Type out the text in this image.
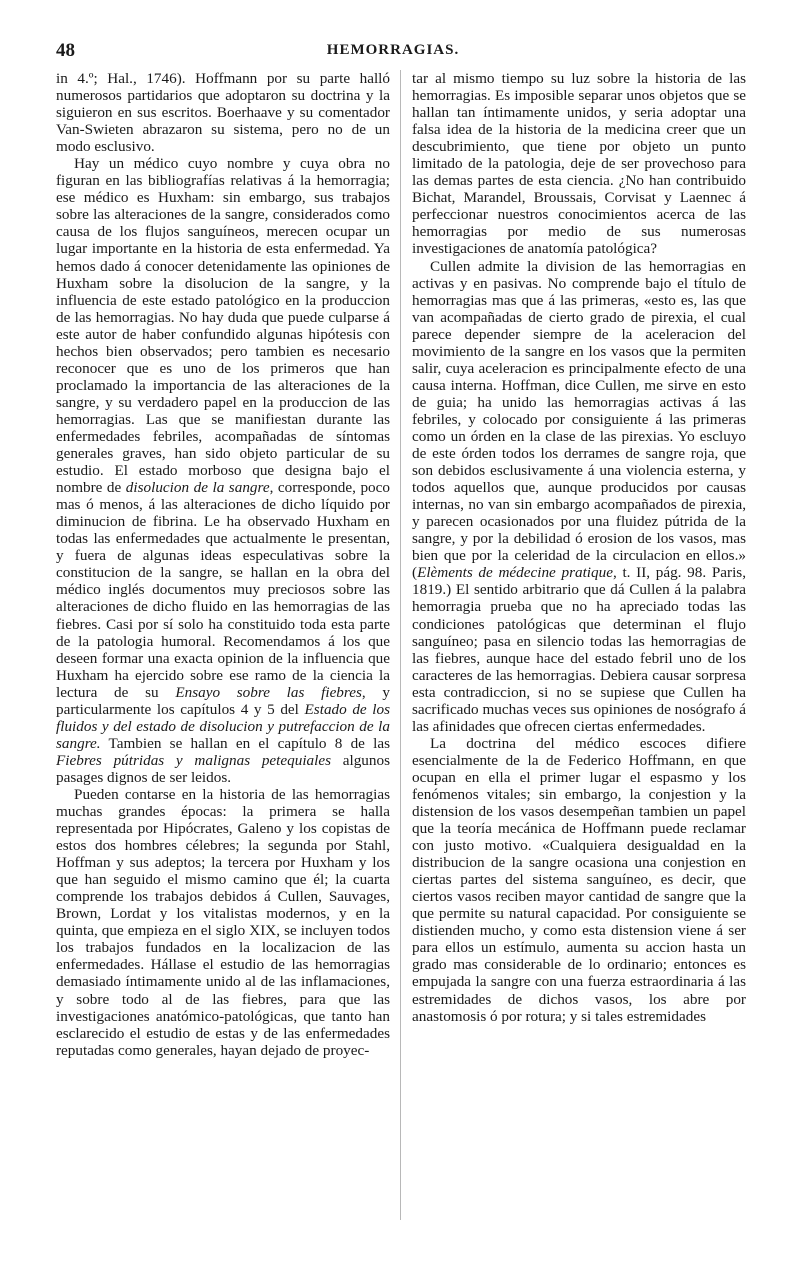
48	HEMORRAGIAS.

in 4.º; Hal., 1746). Hoffmann por su parte halló numerosos partidarios que adoptaron su doctrina y la siguieron en sus escritos. Boerhaave y su comentador Van-Swieten abrazaron su sistema, pero no de un modo esclusivo.

Hay un médico cuyo nombre y cuya obra no figuran en las bibliografías relativas á la hemorragia; ese médico es Huxham: sin embargo, sus trabajos sobre las alteraciones de la sangre, considerados como causa de los flujos sanguíneos, merecen ocupar un lugar importante en la historia de esta enfermedad. Ya hemos dado á conocer detenidamente las opiniones de Huxham sobre la disolucion de la sangre, y la influencia de este estado patológico en la produccion de las hemorragias. No hay duda que puede culparse á este autor de haber confundido algunas hipótesis con hechos bien observados; pero tambien es necesario reconocer que es uno de los primeros que han proclamado la importancia de las alteraciones de la sangre, y su verdadero papel en la produccion de las hemorragias. Las que se manifiestan durante las enfermedades febriles, acompañadas de síntomas generales graves, han sido objeto particular de su estudio. El estado morboso que designa bajo el nombre de disolucion de la sangre, corresponde, poco mas ó menos, á las alteraciones de dicho líquido por diminucion de fibrina. Le ha observado Huxham en todas las enfermedades que actualmente le presentan, y fuera de algunas ideas especulativas sobre la constitucion de la sangre, se hallan en la obra del médico inglés documentos muy preciosos sobre las alteraciones de dicho fluido en las hemorragias de las fiebres. Casi por sí solo ha constituido toda esta parte de la patologia humoral. Recomendamos á los que deseen formar una exacta opinion de la influencia que Huxham ha ejercido sobre ese ramo de la ciencia la lectura de su Ensayo sobre las fiebres, y particularmente los capítulos 4 y 5 del Estado de los fluidos y del estado de disolucion y putrefaccion de la sangre. Tambien se hallan en el capítulo 8 de las Fiebres pútridas y malignas petequiales algunos pasages dignos de ser leidos.

Pueden contarse en la historia de las hemorragias muchas grandes épocas: la primera se halla representada por Hipócrates, Galeno y los copistas de estos dos hombres célebres; la segunda por Stahl, Hoffman y sus adeptos; la tercera por Huxham y los que han seguido el mismo camino que él; la cuarta comprende los trabajos debidos á Cullen, Sauvages, Brown, Lordat y los vitalistas modernos, y en la quinta, que empieza en el siglo XIX, se incluyen todos los trabajos fundados en la localizacion de las enfermedades. Hállase el estudio de las hemorragias demasiado íntimamente unido al de las inflamaciones, y sobre todo al de las fiebres, para que las investigaciones anatómico-patológicas, que tanto han esclarecido el estudio de estas y de las enfermedades reputadas como generales, hayan dejado de proyec-

tar al mismo tiempo su luz sobre la historia de las hemorragias. Es imposible separar unos objetos que se hallan tan íntimamente unidos, y seria adoptar una falsa idea de la historia de la medicina creer que un descubrimiento, que tiene por objeto un punto limitado de la patologia, deje de ser provechoso para las demas partes de esta ciencia. ¿No han contribuido Bichat, Marandel, Broussais, Corvisat y Laennec á perfeccionar nuestros conocimientos acerca de las hemorragias por medio de sus numerosas investigaciones de anatomía patológica?

Cullen admite la division de las hemorragias en activas y en pasivas. No comprende bajo el título de hemorragias mas que á las primeras, «esto es, las que van acompañadas de cierto grado de pirexia, el cual parece depender siempre de la aceleracion del movimiento de la sangre en los vasos que la permiten salir, cuya aceleracion es principalmente efecto de una causa interna. Hoffman, dice Cullen, me sirve en esto de guia; ha unido las hemorragias activas á las febriles, y colocado por consiguiente á las primeras como un órden en la clase de las pirexias. Yo escluyo de este órden todos los derrames de sangre roja, que son debidos esclusivamente á una violencia esterna, y todos aquellos que, aunque producidos por causas internas, no van sin embargo acompañados de pirexia, y parecen ocasionados por una fluidez pútrida de la sangre, y por la debilidad ó erosion de los vasos, mas bien que por la celeridad de la circulacion en ellos.» (Elèments de médecine pratique, t. II, pág. 98. Paris, 1819.) El sentido arbitrario que dá Cullen á la palabra hemorragia prueba que no ha apreciado todas las condiciones patológicas que determinan el flujo sanguíneo; pasa en silencio todas las hemorragias de las fiebres, aunque hace del estado febril uno de los caracteres de las hemorragias. Debiera causar sorpresa esta contradiccion, si no se supiese que Cullen ha sacrificado muchas veces sus opiniones de nosógrafo á las afinidades que ofrecen ciertas enfermedades.

La doctrina del médico escoces difiere esencialmente de la de Federico Hoffmann, en que ocupan en ella el primer lugar el espasmo y los fenómenos vitales; sin embargo, la conjestion y la distension de los vasos desempeñan tambien un papel que la teoría mecánica de Hoffmann puede reclamar con justo motivo. «Cualquiera desigualdad en la distribucion de la sangre ocasiona una conjestion en ciertas partes del sistema sanguíneo, es decir, que ciertos vasos reciben mayor cantidad de sangre que la que permite su natural capacidad. Por consiguiente se distienden mucho, y como esta distension viene á ser para ellos un estímulo, aumenta su accion hasta un grado mas considerable de lo ordinario; entonces es empujada la sangre con una fuerza estraordinaria á las estremidades de dichos vasos, los abre por anastomosis ó por rotura; y si tales estremidades
